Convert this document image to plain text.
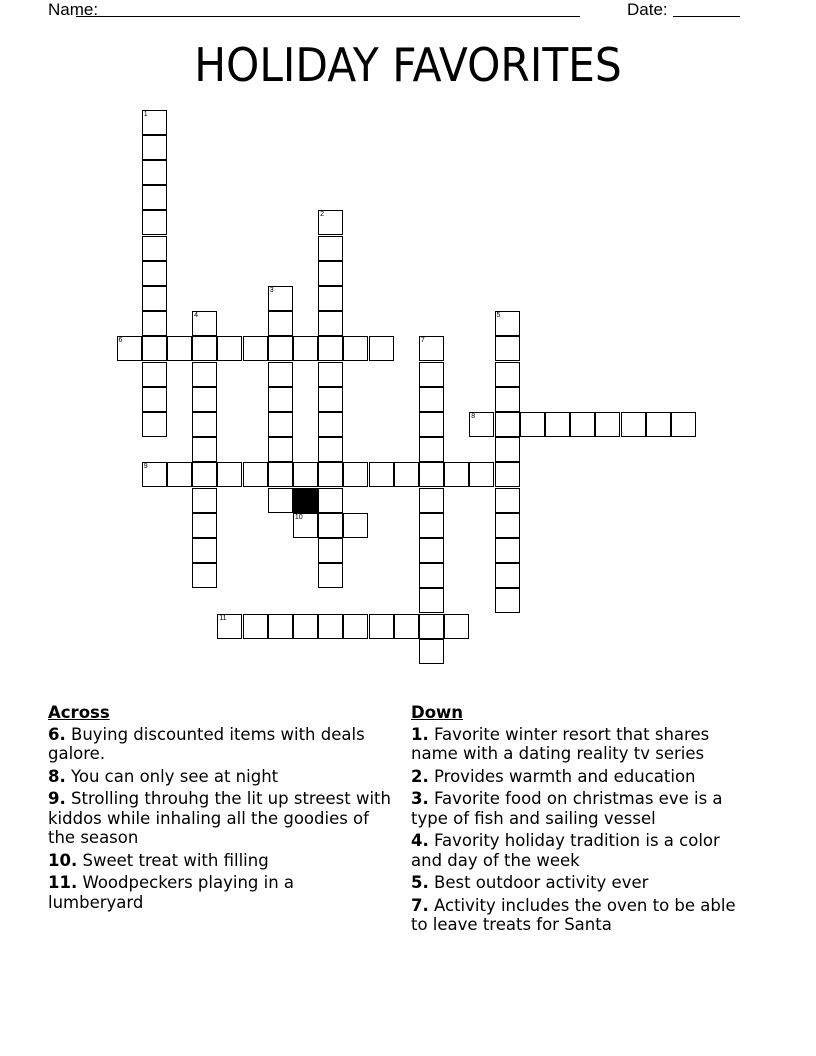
Name:	Date:
HOLIDAY FAVORITES
1
2
3
4	5
6	7
8
9
10
11
Across
6. Buying discounted items with deals galore.
8. You can only see at night
9. Strolling throuhg the lit up streest with kiddos while inhaling all the goodies of the season
10. Sweet treat with filling
11. Woodpeckers playing in a lumberyard
Down
1. Favorite winter resort that shares name with a dating reality tv series
2. Provides warmth and education
3. Favorite food on christmas eve is a type of fish and sailing vessel
4. Favority holiday tradition is a color and day of the week
5. Best outdoor activity ever
7. Activity includes the oven to be able to leave treats for Santa
